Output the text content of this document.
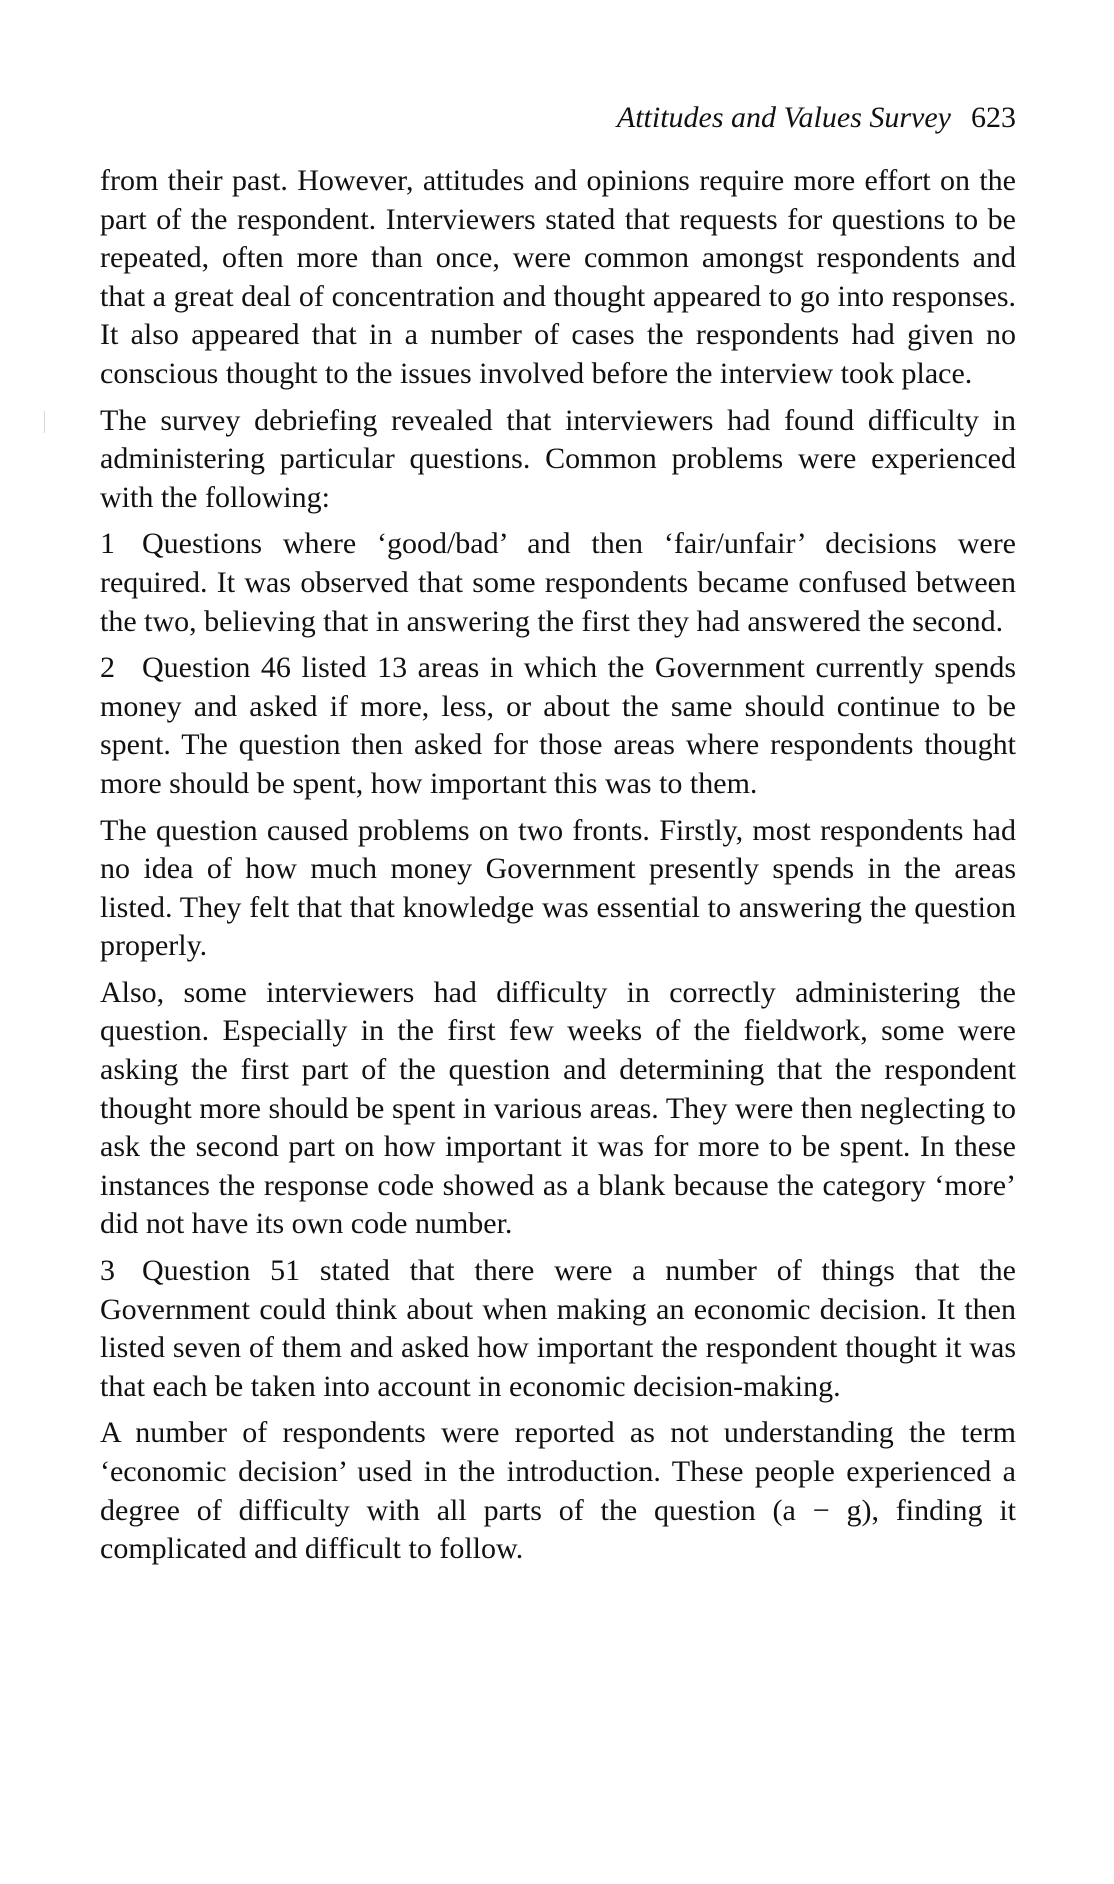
Attitudes and Values Survey 623

from their past. However, attitudes and opinions require more effort on the part of the respondent. Interviewers stated that requests for questions to be repeated, often more than once, were common amongst respondents and that a great deal of concentration and thought appeared to go into responses. It also appeared that in a number of cases the respondents had given no conscious thought to the issues involved before the interview took place.

The survey debriefing revealed that interviewers had found difficulty in administering particular questions. Common problems were experienced with the following:

1 Questions where ‘good/bad’ and then ‘fair/unfair’ decisions were required. It was observed that some respondents became confused between the two, believing that in answering the first they had answered the second.

2 Question 46 listed 13 areas in which the Government currently spends money and asked if more, less, or about the same should continue to be spent. The question then asked for those areas where respondents thought more should be spent, how important this was to them.

The question caused problems on two fronts. Firstly, most respondents had no idea of how much money Government presently spends in the areas listed. They felt that that knowledge was essential to answering the question properly.

Also, some interviewers had difficulty in correctly administering the question. Especially in the first few weeks of the fieldwork, some were asking the first part of the question and determining that the respondent thought more should be spent in various areas. They were then neglecting to ask the second part on how important it was for more to be spent. In these instances the response code showed as a blank because the category ‘more’ did not have its own code number.

3 Question 51 stated that there were a number of things that the Government could think about when making an economic decision. It then listed seven of them and asked how important the respondent thought it was that each be taken into account in economic decision-making.

A number of respondents were reported as not understanding the term ‘economic decision’ used in the introduction. These people experienced a degree of difficulty with all parts of the question (a − g), finding it complicated and difficult to follow.
